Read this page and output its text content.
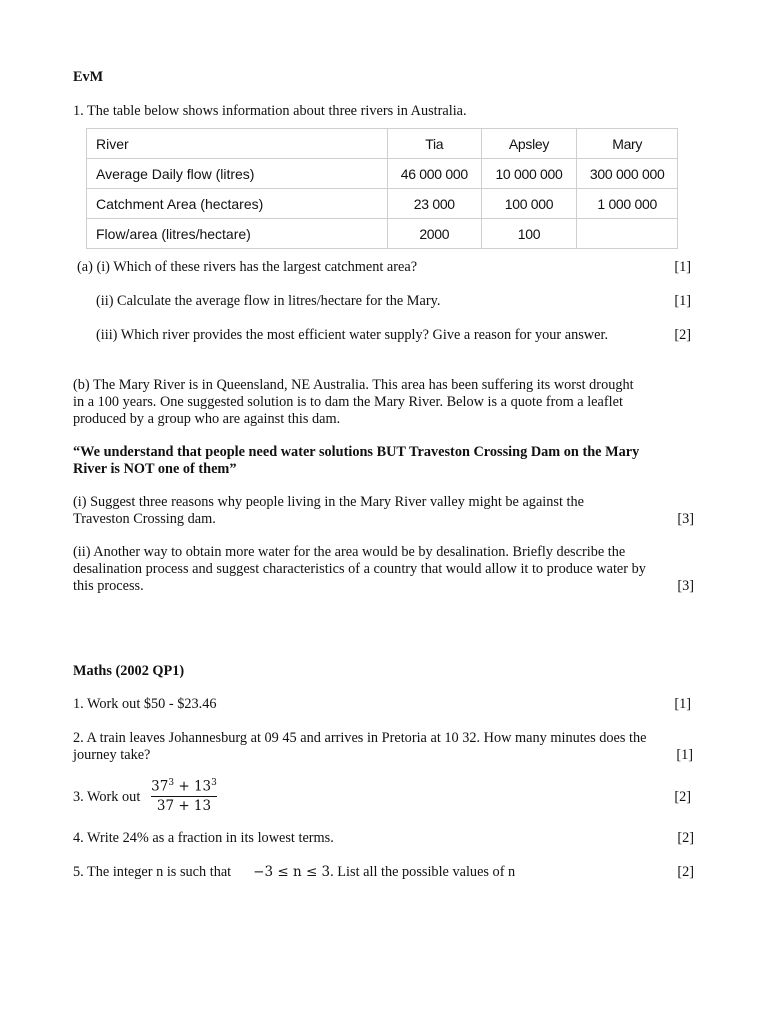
EvM
1. The table below shows information about three rivers in Australia.
River	Tia	Apsley	Mary
Average Daily flow (litres)	46 000 000	10 000 000	300 000 000
Catchment Area (hectares)	23 000	100 000	1 000 000
Flow/area (litres/hectare)	2000	100	
(a) (i) Which of these rivers has the largest catchment area?	[1]
(ii) Calculate the average flow in litres/hectare for the Mary.	[1]
(iii) Which river provides the most efficient water supply? Give a reason for your answer.	[2]
(b) The Mary River is in Queensland, NE Australia. This area has been suffering its worst drought
in a 100 years. One suggested solution is to dam the Mary River. Below is a quote from a leaflet
produced by a group who are against this dam.
“We understand that people need water solutions BUT Traveston Crossing Dam on the Mary
River is NOT one of them”
(i) Suggest three reasons why people living in the Mary River valley might be against the
Traveston Crossing dam.	[3]
(ii) Another way to obtain more water for the area would be by desalination. Briefly describe the
desalination process and suggest characteristics of a country that would allow it to produce water by
this process.	[3]
Maths (2002 QP1)
1. Work out $50 - $23.46	[1]
2. A train leaves Johannesburg at 09 45 and arrives in Pretoria at 10 32. How many minutes does the
journey take?	[1]
3. Work out
$37^3 + 13^3$
37 + 13
[2]
4. Write 24% as a fraction in its lowest terms.	[2]
5. The integer n is such that −3 ≤ n ≤ 3. List all the possible values of n	[2]
